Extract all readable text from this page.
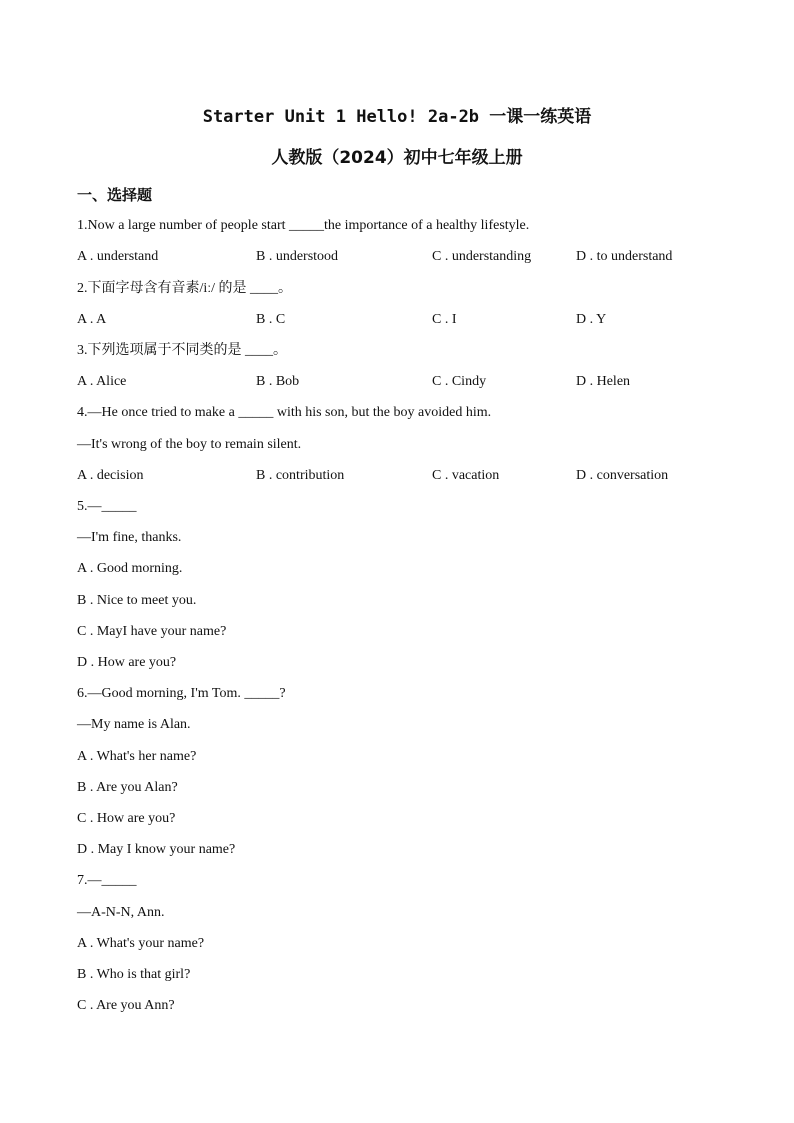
Starter Unit 1 Hello! 2a-2b 一课一练英语
人教版（2024）初中七年级上册
一、选择题
1.Now a large number of people start _____the importance of a healthy lifestyle.
A . understand	B . understood	C . understanding	D . to understand
2.下面字母含有音素/iː/ 的是 ____。
A . A	B . C	C . I	D . Y
3.下列选项属于不同类的是 ____。
A . Alice	B . Bob	C . Cindy	D . Helen
4.—He once tried to make a _____ with his son, but the boy avoided him.
—It's wrong of the boy to remain silent.
A . decision	B . contribution	C . vacation	D . conversation
5.—_____
—I'm fine, thanks.
A . Good morning.
B . Nice to meet you.
C . MayI have your name?
D . How are you?
6.—Good morning, I'm Tom. _____?
—My name is Alan.
A . What's her name?
B . Are you Alan?
C . How are you?
D . May I know your name?
7.—_____
—A-N-N, Ann.
A . What's your name?
B . Who is that girl?
C . Are you Ann?
